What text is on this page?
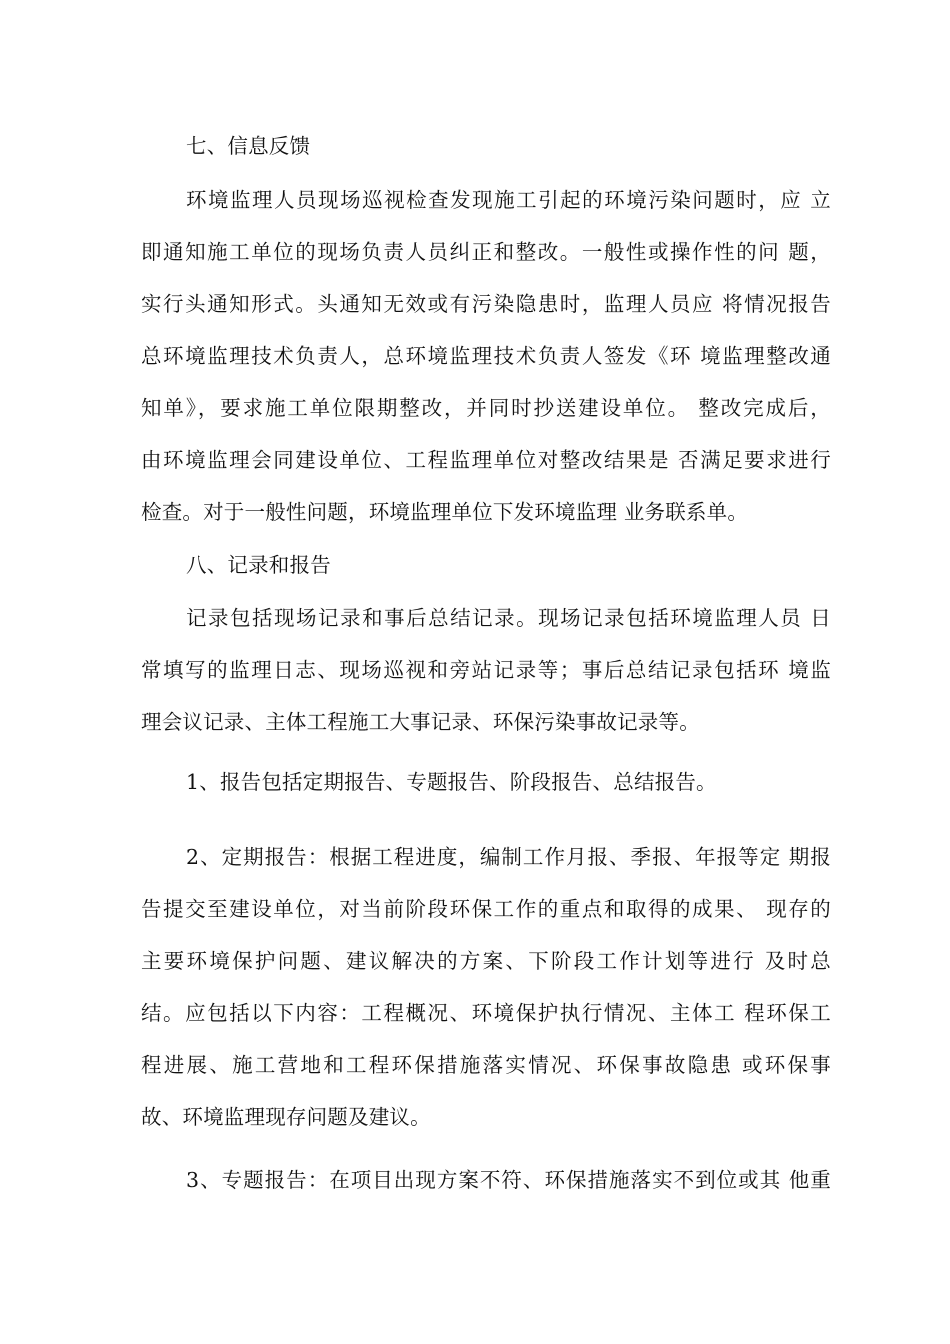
七、信息反馈
环境监理人员现场巡视检查发现施工引起的环境污染问题时，应 立
即通知施工单位的现场负责人员纠正和整改。一般性或操作性的问 题，
实行头通知形式。头通知无效或有污染隐患时，监理人员应 将情况报告
总环境监理技术负责人，总环境监理技术负责人签发《环 境监理整改通
知单》，要求施工单位限期整改，并同时抄送建设单位。 整改完成后，
由环境监理会同建设单位、工程监理单位对整改结果是 否满足要求进行
检查。对于一般性问题，环境监理单位下发环境监理 业务联系单。
八、记录和报告
记录包括现场记录和事后总结记录。现场记录包括环境监理人员 日
常填写的监理日志、现场巡视和旁站记录等；事后总结记录包括环 境监
理会议记录、主体工程施工大事记录、环保污染事故记录等。
1、报告包括定期报告、专题报告、阶段报告、总结报告。
2、定期报告：根据工程进度，编制工作月报、季报、年报等定 期报
告提交至建设单位，对当前阶段环保工作的重点和取得的成果、 现存的
主要环境保护问题、建议解决的方案、下阶段工作计划等进行 及时总
结。应包括以下内容：工程概况、环境保护执行情况、主体工 程环保工
程进展、施工营地和工程环保措施落实情况、环保事故隐患 或环保事
故、环境监理现存问题及建议。
3、专题报告：在项目出现方案不符、环保措施落实不到位或其 他重
